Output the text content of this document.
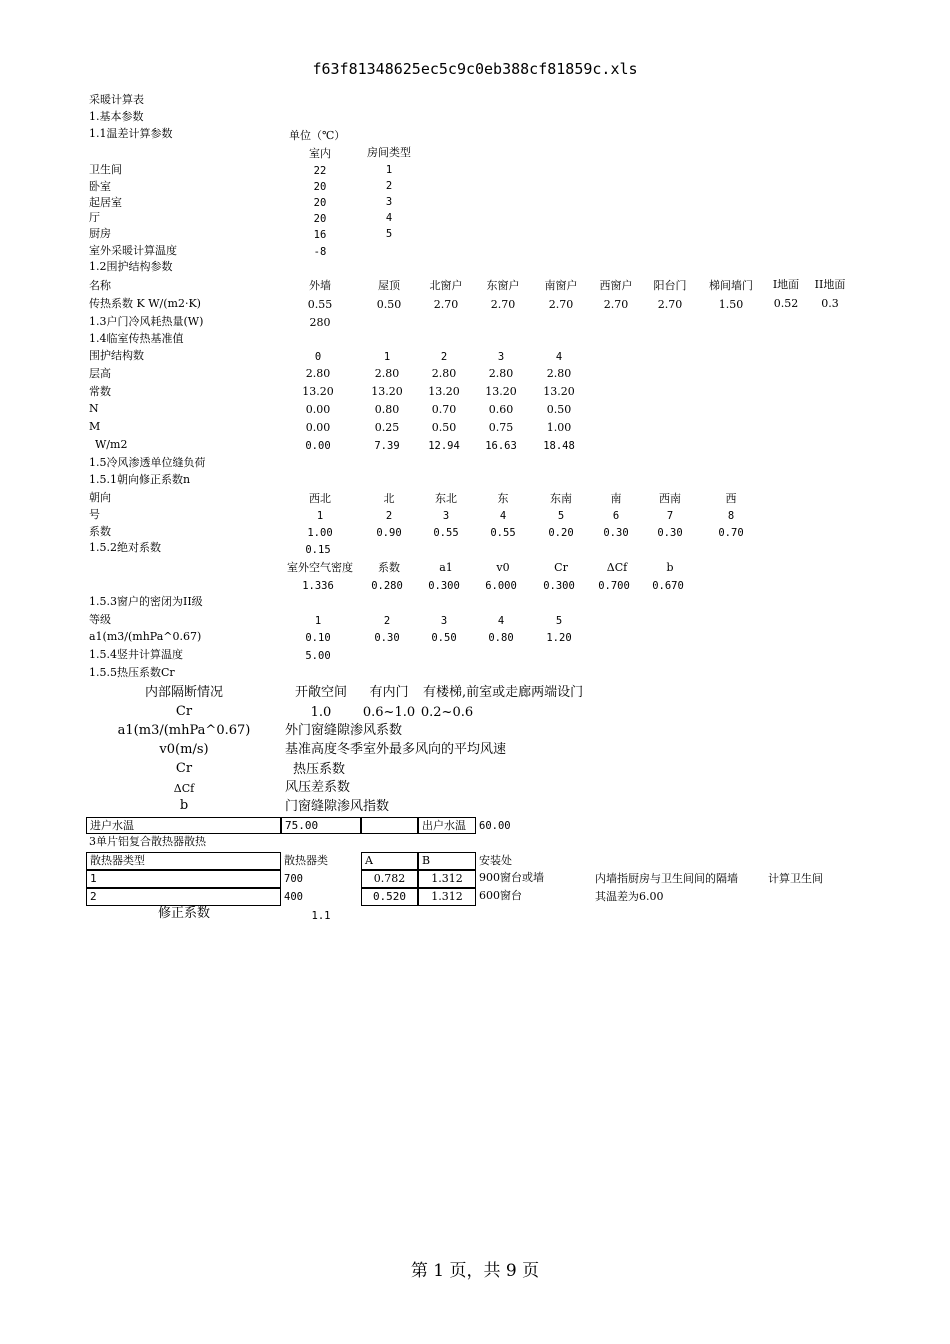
f63f81348625ec5c9c0eb388cf81859c.xls
采暖计算表
1.基本参数
1.1温差计算参数	单位（℃）
室内	房间类型
卫生间	22	1
卧室	20	2
起居室	20	3
厅	20	4
厨房	16	5
室外采暖计算温度	-8
1.2围护结构参数
名称	外墙	屋顶	北窗户 东窗户 南窗户 西窗户 阳台门 梯间墙门 I地面 II地面
传热系数 K W/(m2·K)	0.55	0.50	2.70	2.70	2.70	2.70	2.70	1.50	0.52 0.3
1.3户门冷风耗热量(W)	280
1.4临室传热基准值
围护结构数	0	1	2	3	4
层高	2.80	2.80	2.80	2.80	2.80
常数	13.20	13.20 13.20 13.20 13.20
N	0.00	0.80	0.70	0.60	0.50
M	0.00	0.25	0.50	0.75	1.00
W/m2	0.00	7.39	12.94 16.63	18.48
1.5冷风渗透单位缝负荷
1.5.1朝向修正系数n
朝向	西北	北	东北	东	东南	南	西南	西
号	1	2	3	4	5	6	7	8
系数	1.00	0.90	0.55	0.55	0.20	0.30	0.30	0.70
1.5.2绝对系数	0.15
室外空气密度 系数	a1	v0	Cr	ΔCf	b
1.336	0.280 0.300 6.000	0.300 0.700 0.670
1.5.3窗户的密闭为II级
等级	1	2	3	4	5
a1(m3/(mhPa^0.67)	0.10	0.30	0.50	0.80	1.20
1.5.4竖井计算温度	5.00
1.5.5热压系数Cr
内部隔断情况	开敞空间 有内门 有楼梯,前室或走廊两端设门
Cr	1.0 0.6~1.0 0.2~0.6
a1(m3/(mhPa^0.67)	外门窗缝隙渗风系数
v0(m/s)	基准高度冬季室外最多风向的平均风速
Cr	热压系数
ΔCf	风压差系数
b	门窗缝隙渗风指数
进户水温	75.00	出户水温 60.00
3单片铝复合散热器散热
散热器类型	散热器类	A	B	安装处
1	700	0.782	1.312	900窗台或墙
2	400	0.520	1.312	600窗台
内墙指厨房与卫生间间的隔墙	计算卫生间
其温差为6.00
修正系数	1.1
第 1 页，共 9 页
